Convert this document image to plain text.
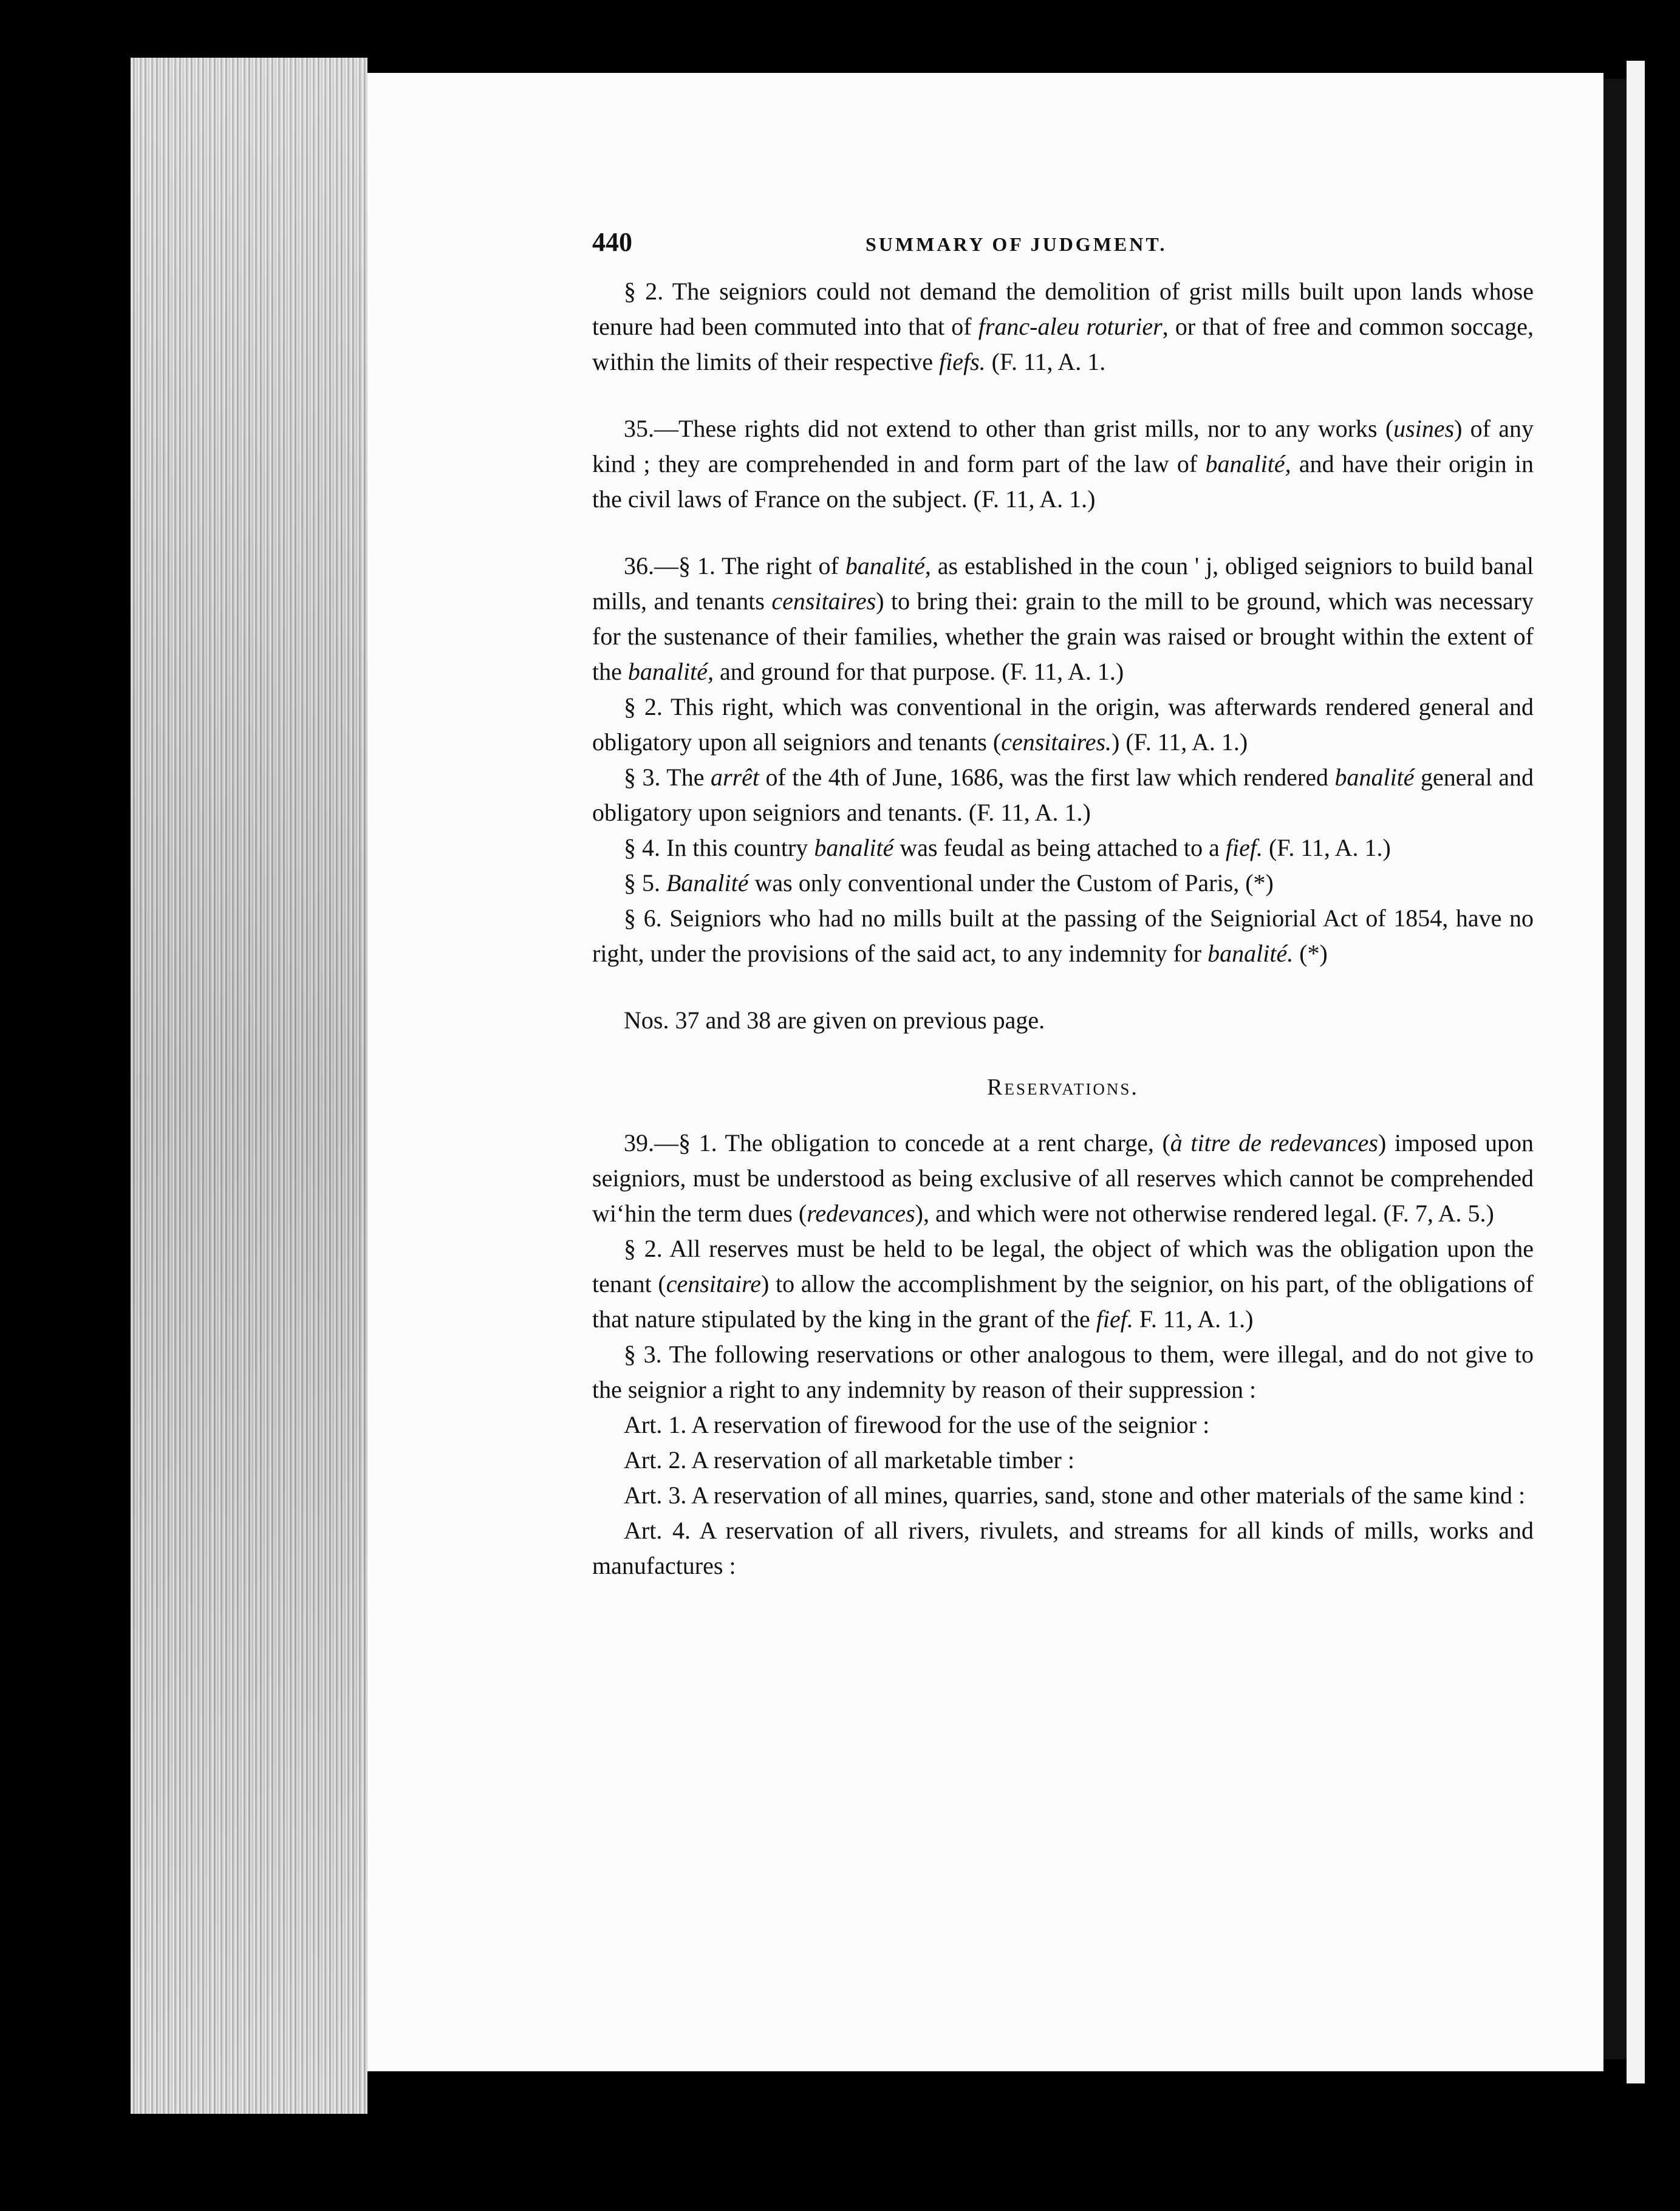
440	SUMMARY OF JUDGMENT.

§ 2. The seigniors could not demand the demolition of grist mills built upon lands whose tenure had been commuted into that of franc-aleu roturier, or that of free and common soccage, within the limits of their respective fiefs. (F. 11, A. 1.

35.—These rights did not extend to other than grist mills, nor to any works (usines) of any kind ; they are comprehended in and form part of the law of banalité, and have their origin in the civil laws of France on the subject. (F. 11, A. 1.)

36.—§ 1. The right of banalité, as established in the coun ' j, obliged seigniors to build banal mills, and tenants censitaires) to bring thei: grain to the mill to be ground, which was necessary for the sustenance of their families, whether the grain was raised or brought within the extent of the banalité, and ground for that purpose. (F. 11, A. 1.)

§ 2. This right, which was conventional in the origin, was afterwards rendered general and obligatory upon all seigniors and tenants (censitaires.) (F. 11, A. 1.)

§ 3. The arrêt of the 4th of June, 1686, was the first law which rendered banalité general and obligatory upon seigniors and tenants. (F. 11, A. 1.)

§ 4. In this country banalité was feudal as being attached to a fief. (F. 11, A. 1.)

§ 5. Banalité was only conventional under the Custom of Paris, (*)

§ 6. Seigniors who had no mills built at the passing of the Seigniorial Act of 1854, have no right, under the provisions of the said act, to any indemnity for banalité. (*)

Nos. 37 and 38 are given on previous page.

Reservations.

39.—§ 1. The obligation to concede at a rent charge, (à titre de redevances) imposed upon seigniors, must be understood as being exclusive of all reserves which cannot be comprehended wiʻhin the term dues (redevances), and which were not otherwise rendered legal. (F. 7, A. 5.)

§ 2. All reserves must be held to be legal, the object of which was the obligation upon the tenant (censitaire) to allow the accomplishment by the seignior, on his part, of the obligations of that nature stipulated by the king in the grant of the fief. F. 11, A. 1.)

§ 3. The following reservations or other analogous to them, were illegal, and do not give to the seignior a right to any indemnity by reason of their suppression :

Art. 1. A reservation of firewood for the use of the seignior :

Art. 2. A reservation of all marketable timber :

Art. 3. A reservation of all mines, quarries, sand, stone and other materials of the same kind :

Art. 4. A reservation of all rivers, rivulets, and streams for all kinds of mills, works and manufactures :
